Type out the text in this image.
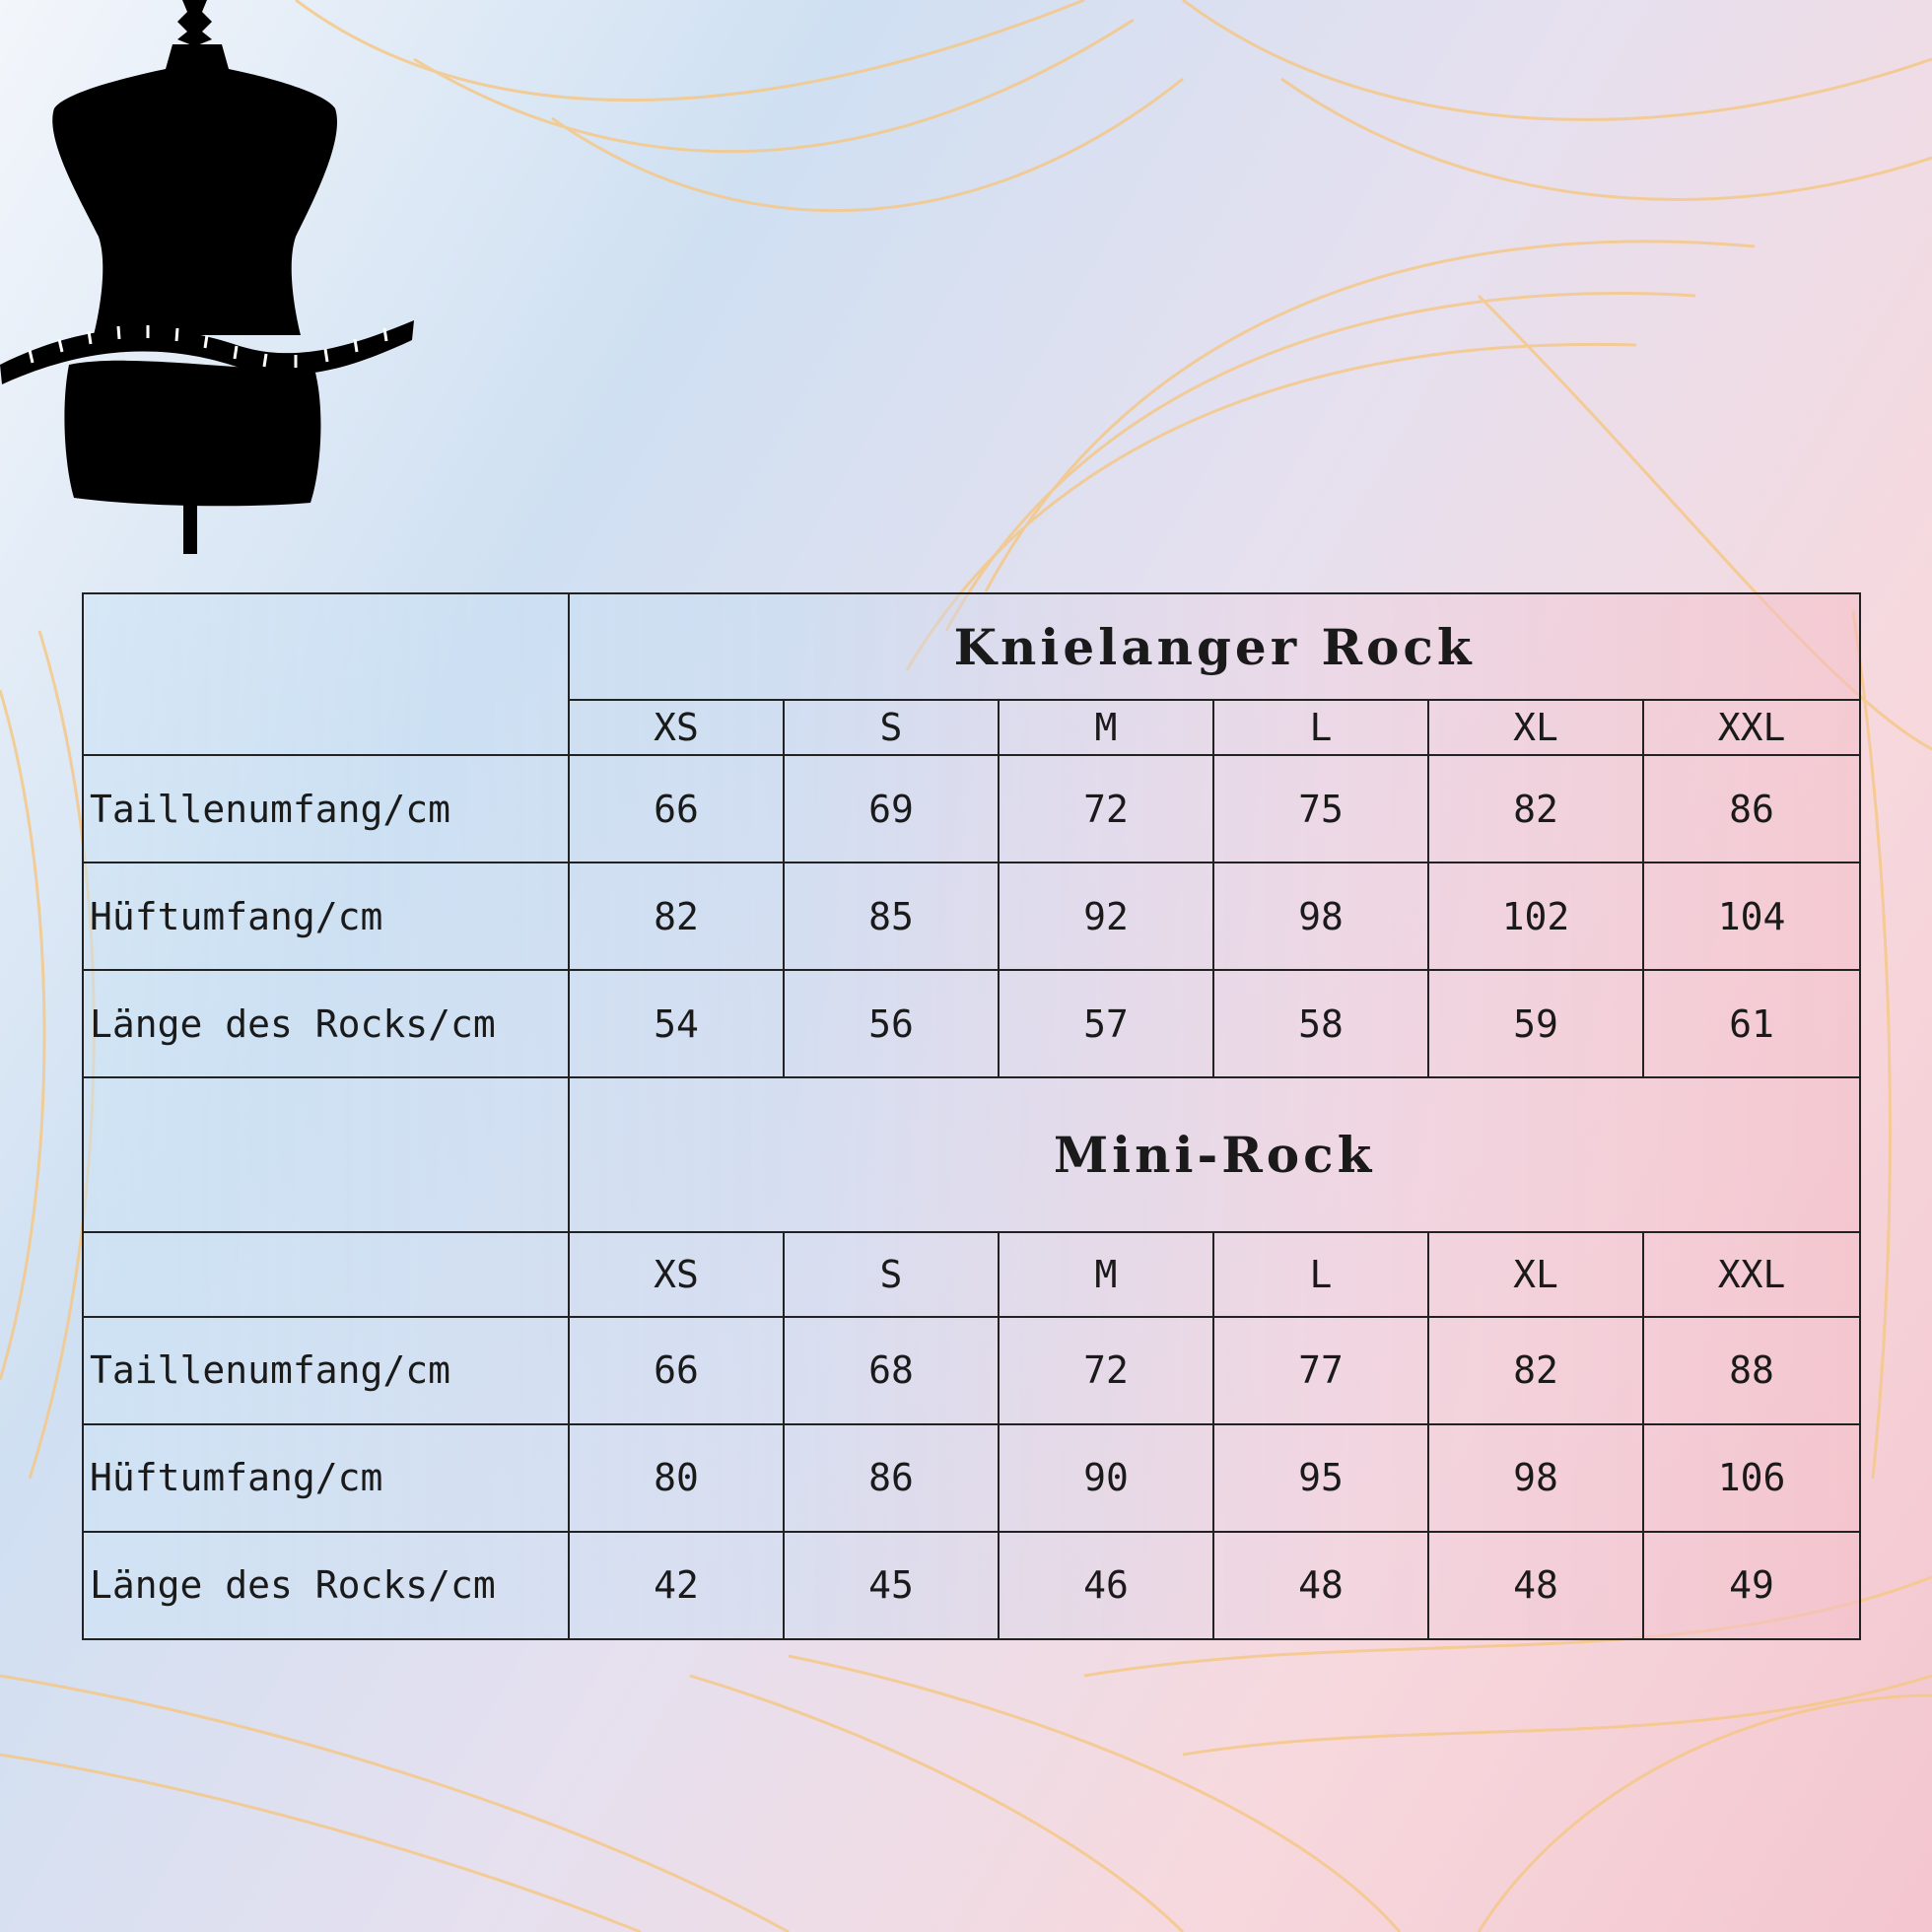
	Knielanger Rock					
	XS	S	M	L	XL	XXL
Taillenumfang/cm	66	69	72	75	82	86
Hüftumfang/cm	82	85	92	98	102	104
Länge des Rocks/cm	54	56	57	58	59	61
	Mini-Rock					
	XS	S	M	L	XL	XXL
Taillenumfang/cm	66	68	72	77	82	88
Hüftumfang/cm	80	86	90	95	98	106
Länge des Rocks/cm	42	45	46	48	48	49
